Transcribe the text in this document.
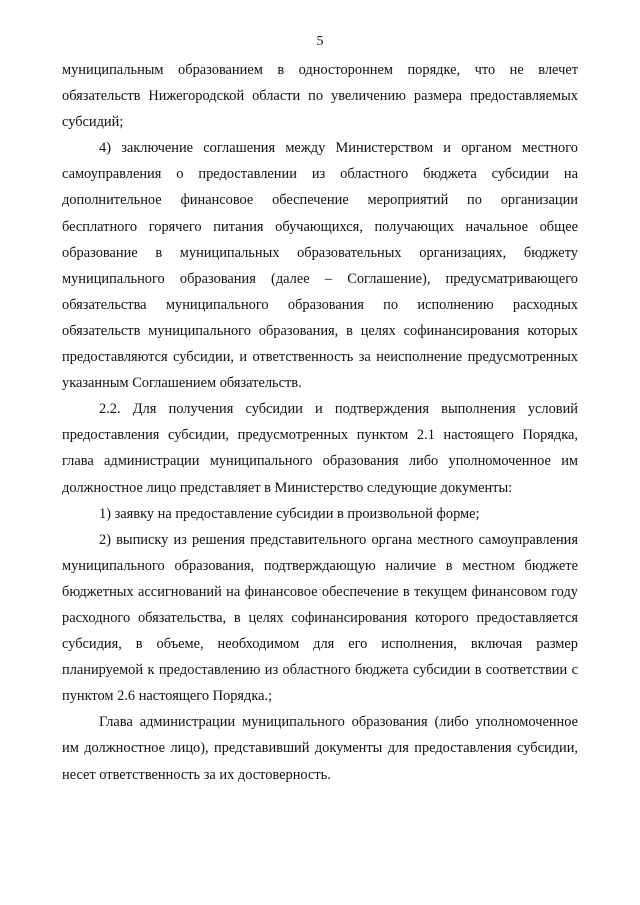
5

муниципальным образованием в одностороннем порядке, что не влечет обязательств Нижегородской области по увеличению размера предоставляемых субсидий;

4) заключение соглашения между Министерством и органом местного самоуправления о предоставлении из областного бюджета субсидии на дополнительное финансовое обеспечение мероприятий по организации бесплатного горячего питания обучающихся, получающих начальное общее образование в муниципальных образовательных организациях, бюджету муниципального образования (далее – Соглашение), предусматривающего обязательства муниципального образования по исполнению расходных обязательств муниципального образования, в целях софинансирования которых предоставляются субсидии, и ответственность за неисполнение предусмотренных указанным Соглашением обязательств.

2.2. Для получения субсидии и подтверждения выполнения условий предоставления субсидии, предусмотренных пунктом 2.1 настоящего Порядка, глава администрации муниципального образования либо уполномоченное им должностное лицо представляет в Министерство следующие документы:

1) заявку на предоставление субсидии в произвольной форме;

2) выписку из решения представительного органа местного самоуправления муниципального образования, подтверждающую наличие в местном бюджете бюджетных ассигнований на финансовое обеспечение в текущем финансовом году расходного обязательства, в целях софинансирования которого предоставляется субсидия, в объеме, необходимом для его исполнения, включая размер планируемой к предоставлению из областного бюджета субсидии в соответствии с пунктом 2.6 настоящего Порядка.;

Глава администрации муниципального образования (либо уполномоченное им должностное лицо), представивший документы для предоставления субсидии, несет ответственность за их достоверность.
